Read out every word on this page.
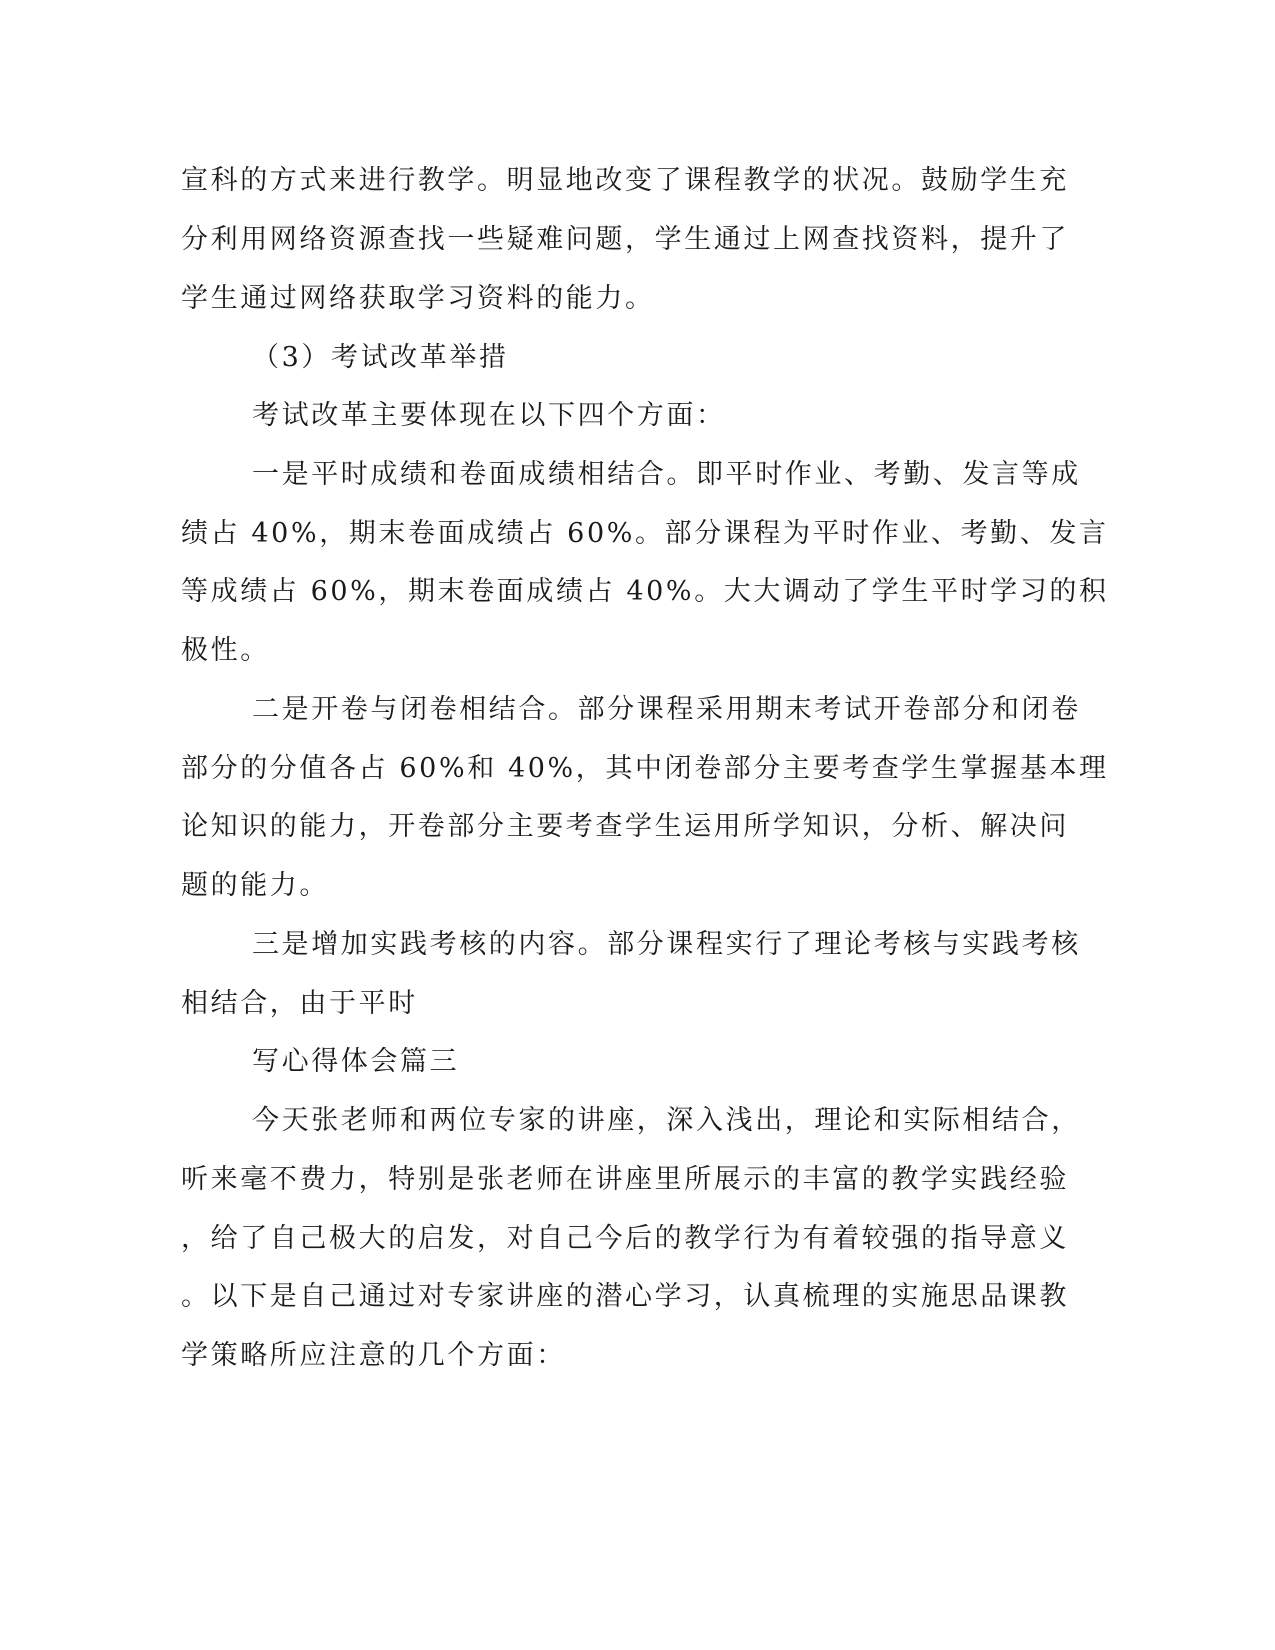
宣科的方式来进行教学。明显地改变了课程教学的状况。鼓励学生充
分利用网络资源查找一些疑难问题，学生通过上网查找资料，提升了
学生通过网络获取学习资料的能力。
（3）考试改革举措
考试改革主要体现在以下四个方面：
一是平时成绩和卷面成绩相结合。即平时作业、考勤、发言等成
绩占 40%，期末卷面成绩占 60%。部分课程为平时作业、考勤、发言
等成绩占 60%，期末卷面成绩占 40%。大大调动了学生平时学习的积
极性。
二是开卷与闭卷相结合。部分课程采用期末考试开卷部分和闭卷
部分的分值各占 60%和 40%，其中闭卷部分主要考查学生掌握基本理
论知识的能力，开卷部分主要考查学生运用所学知识，分析、解决问
题的能力。
三是增加实践考核的内容。部分课程实行了理论考核与实践考核
相结合，由于平时
写心得体会篇三
今天张老师和两位专家的讲座，深入浅出，理论和实际相结合，
听来毫不费力，特别是张老师在讲座里所展示的丰富的教学实践经验
，给了自己极大的启发，对自己今后的教学行为有着较强的指导意义
。以下是自己通过对专家讲座的潜心学习，认真梳理的实施思品课教
学策略所应注意的几个方面：
